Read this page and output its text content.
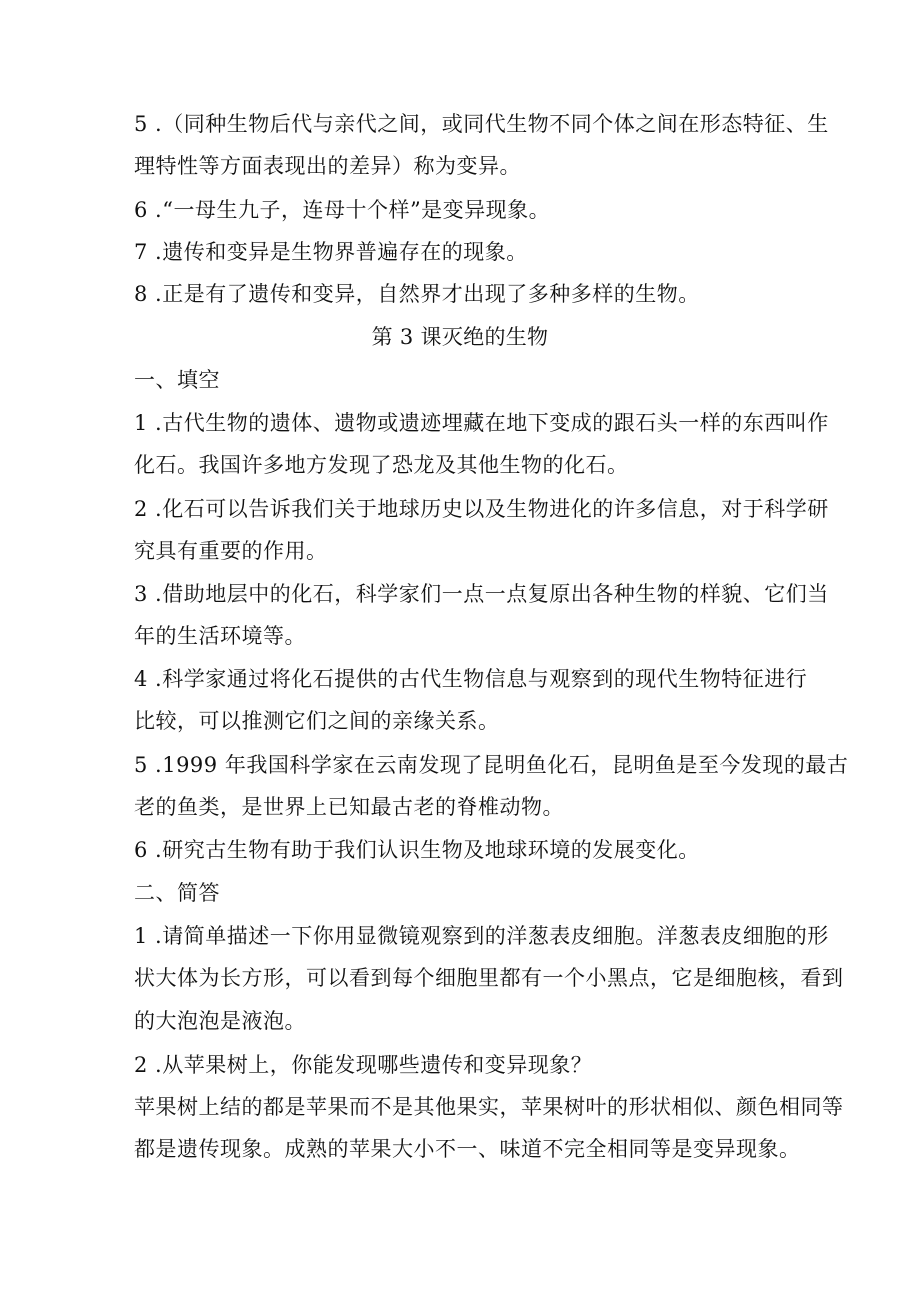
5 .（同种生物后代与亲代之间，或同代生物不同个体之间在形态特征、生
理特性等方面表现出的差异）称为变异。
6 .“一母生九子，连母十个样”是变异现象。
7 .遗传和变异是生物界普遍存在的现象。
8 .正是有了遗传和变异，自然界才出现了多种多样的生物。
第 3 课灭绝的生物
一、填空
1 .古代生物的遗体、遗物或遗迹埋藏在地下变成的跟石头一样的东西叫作
化石。我国许多地方发现了恐龙及其他生物的化石。
2 .化石可以告诉我们关于地球历史以及生物进化的许多信息，对于科学研
究具有重要的作用。
3 .借助地层中的化石，科学家们一点一点复原出各种生物的样貌、它们当
年的生活环境等。
4 .科学家通过将化石提供的古代生物信息与观察到的现代生物特征进行
比较，可以推测它们之间的亲缘关系。
5 .1999 年我国科学家在云南发现了昆明鱼化石，昆明鱼是至今发现的最古
老的鱼类，是世界上已知最古老的脊椎动物。
6 .研究古生物有助于我们认识生物及地球环境的发展变化。
二、简答
1 .请简单描述一下你用显微镜观察到的洋葱表皮细胞。洋葱表皮细胞的形
状大体为长方形，可以看到每个细胞里都有一个小黑点，它是细胞核，看到
的大泡泡是液泡。
2 .从苹果树上，你能发现哪些遗传和变异现象？
苹果树上结的都是苹果而不是其他果实，苹果树叶的形状相似、颜色相同等
都是遗传现象。成熟的苹果大小不一、味道不完全相同等是变异现象。
